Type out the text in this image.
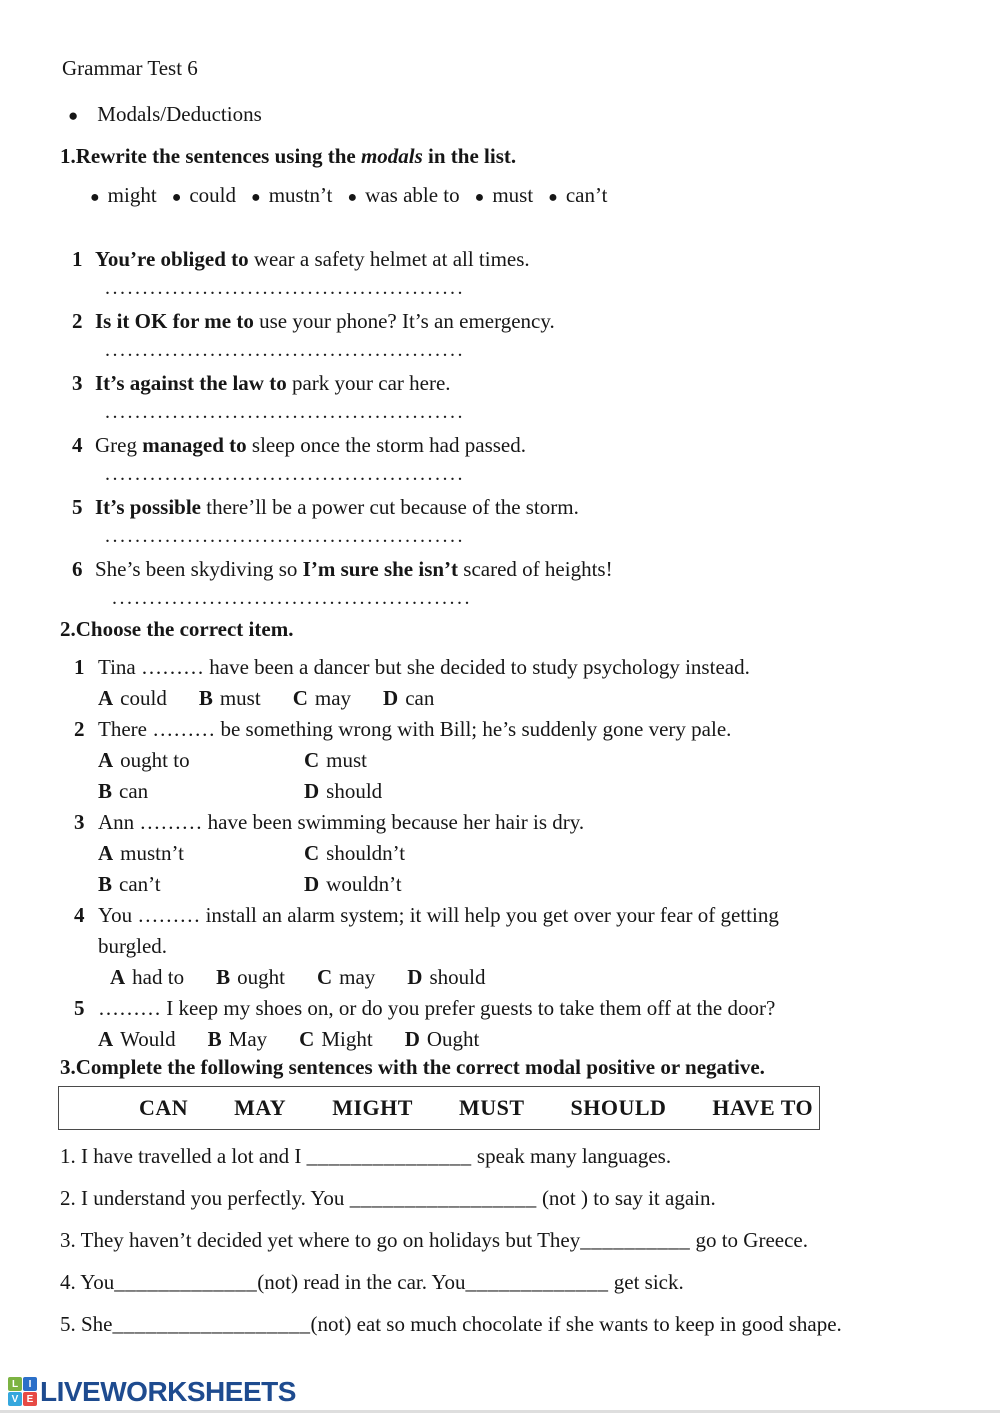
Grammar Test 6
● Modals/Deductions
1.Rewrite the sentences using the modals in the list.
● might ● could ● mustn’t ● was able to ● must ● can’t
1 You’re obliged to wear a safety helmet at all times.
................................................
2 Is it OK for me to use your phone? It’s an emergency.
................................................
3 It’s against the law to park your car here.
................................................
4 Greg managed to sleep once the storm had passed.
................................................
5 It’s possible there’ll be a power cut because of the storm.
................................................
6 She’s been skydiving so I’m sure she isn’t scared of heights!
................................................
2.Choose the correct item.
1 Tina ……… have been a dancer but she decided to study psychology instead.
A could B must C may D can
2 There ……… be something wrong with Bill; he’s suddenly gone very pale.
A ought to
B can
C must
D should
3 Ann ……… have been swimming because her hair is dry.
A mustn’t
B can’t
C shouldn’t
D wouldn’t
4 You ……… install an alarm system; it will help you get over your fear of getting
burgled.
A had to B ought C may D should
5 ……… I keep my shoes on, or do you prefer guests to take them off at the door?
A Would B May C Might D Ought
3.Complete the following sentences with the correct modal positive or negative.
CAN MAY MIGHT MUST SHOULD HAVE TO
1. I have travelled a lot and I _______________ speak many languages.
2. I understand you perfectly. You _________________ (not ) to say it again.
3. They haven’t decided yet where to go on holidays but They__________ go to Greece.
4. You_____________(not) read in the car. You_____________ get sick.
5. She__________________(not) eat so much chocolate if she wants to keep in good shape.
L	I
V E LIVEWORKSHEETS
